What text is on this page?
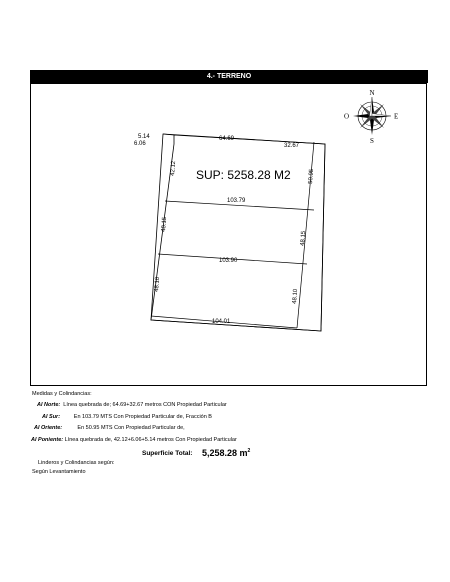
4.- TERRENO
5.14
6.06
64.69
32.67
42.12
50.95
SUP: 5258.28 M2
103.79
48.15
48.15
103.90
48.10
48.10
104.01
N
S
E
O
Medidas y Colindancias:
Al Norte: Línea quebrada de; 64.69+32.67 metros CON Propiedad Particular
Al Sur:	En 103.79 MTS Con Propiedad Particular de, Fracción B
Al Oriente:	En 50.95 MTS Con Propiedad Particular de,
Al Poniente: Línea quebrada de, 42.12+6.06+5.14 metros Con Propiedad Particular
Superficie Total: 5,258.28 $m^2$
Linderos y Colindancias según:
Según Levantamiento
